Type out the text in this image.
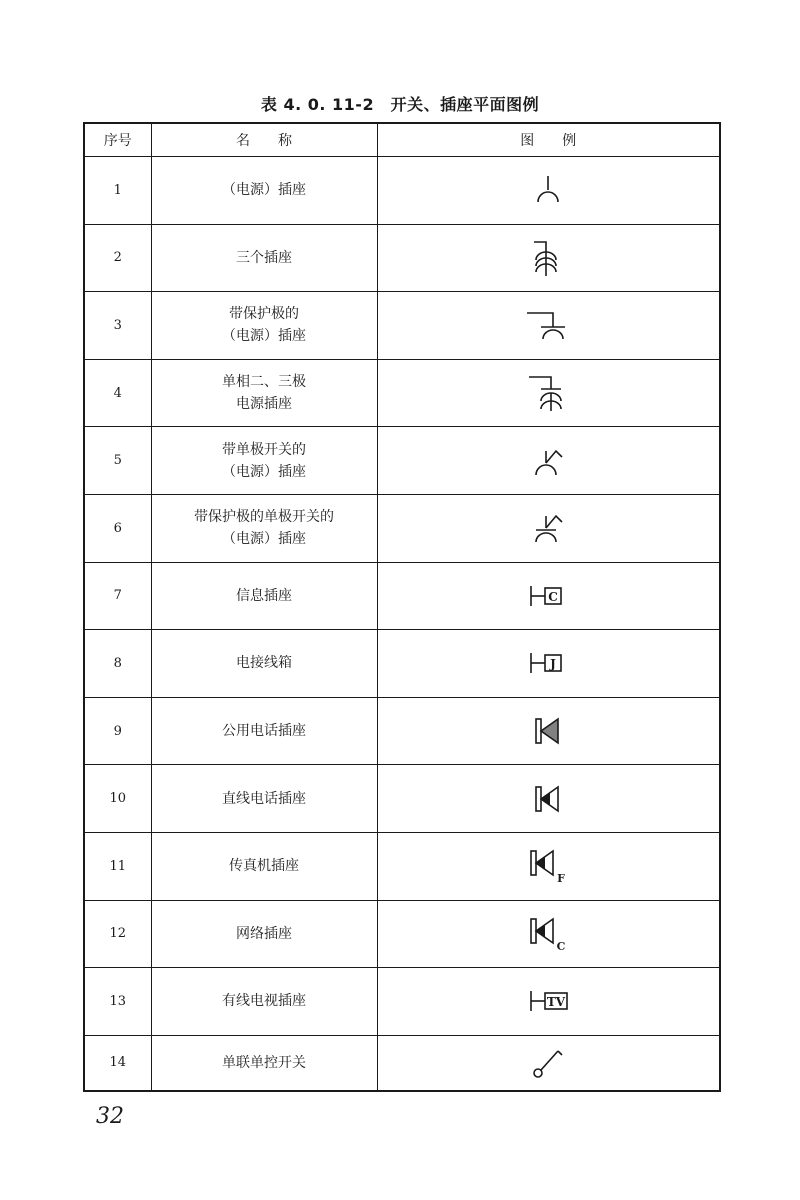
表 4. 0. 11-2　开关、插座平面图例
序号	名　　称	图　　例
1	（电源）插座

2	三个插座

3	带保护极的
（电源）插座

4	单相二、三极
电源插座

5	带单极开关的
（电源）插座

6	带保护极的单极开关的
（电源）插座

7	信息插座	C

8	电接线箱	J

9	公用电话插座

10	直线电话插座

11	传真机插座	F

12	网络插座	C

13	有线电视插座	TV

14	单联单控开关

32
